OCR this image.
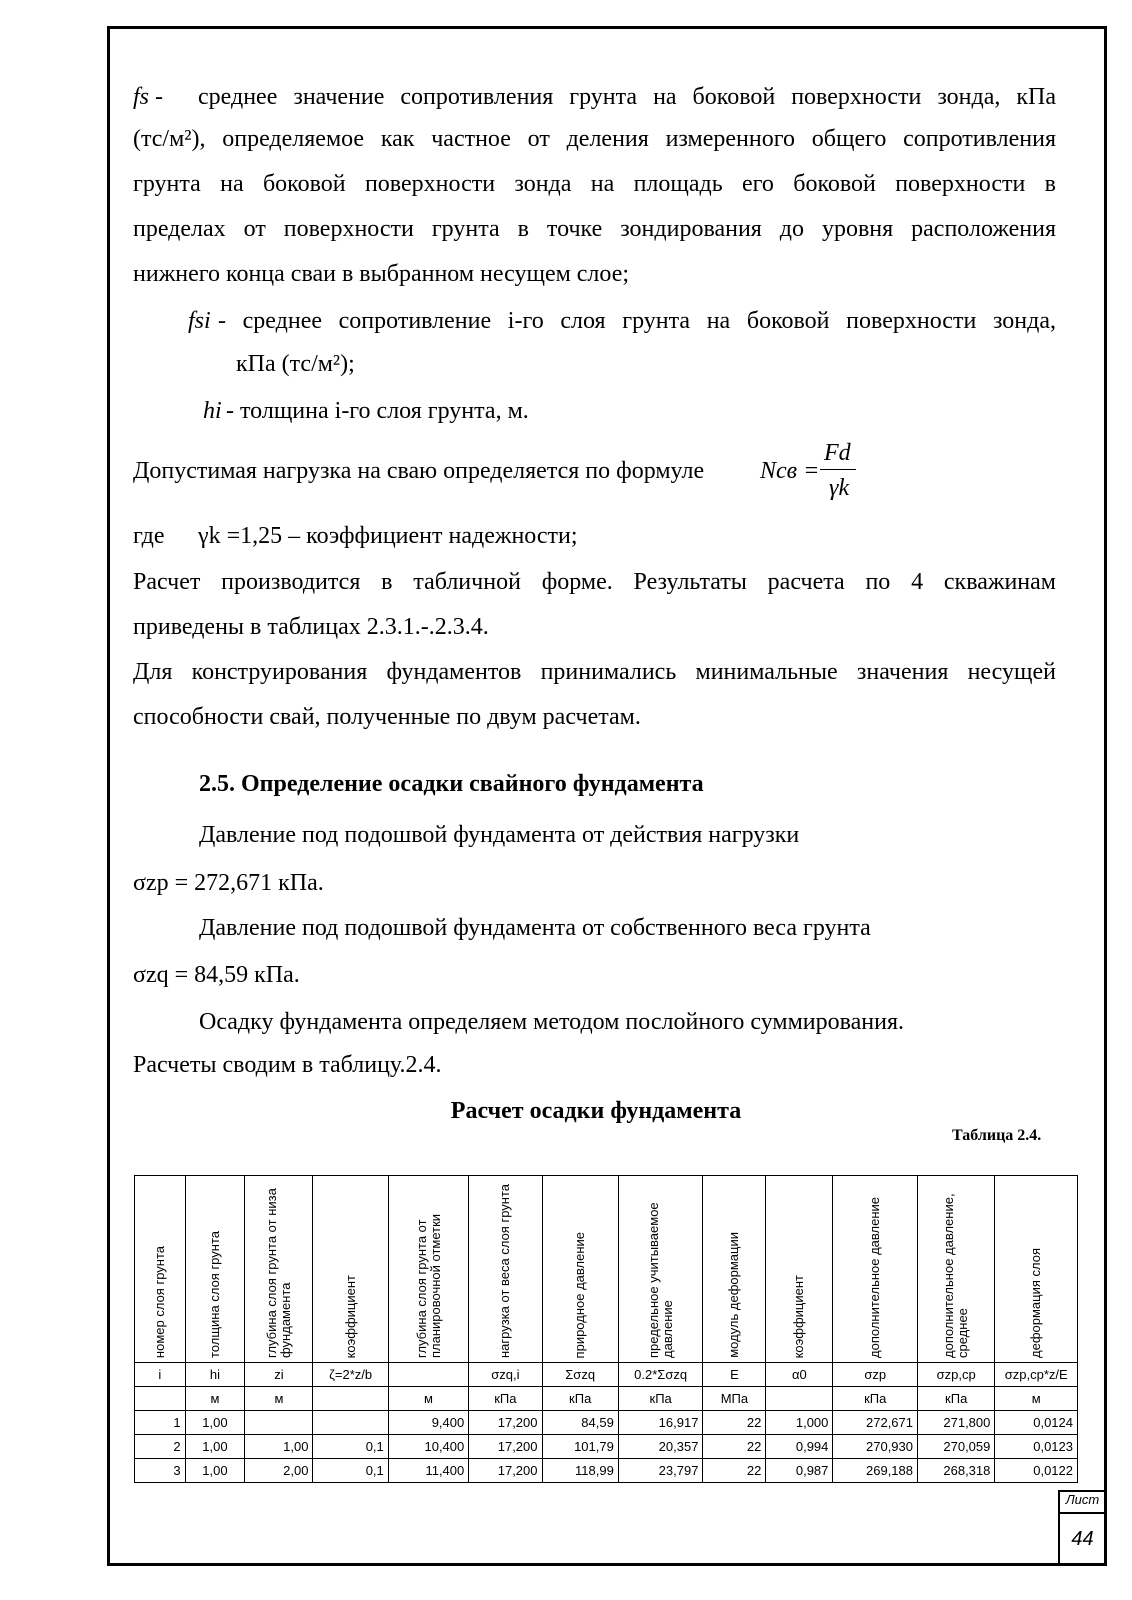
fs - среднее значение сопротивления грунта на боковой поверхности зонда, кПа
(тс/м²), определяемое как частное от деления измеренного общего сопротивления
грунта на боковой поверхности зонда на площадь его боковой поверхности в
пределах от поверхности грунта в точке зондирования до уровня расположения
нижнего конца сваи в выбранном несущем слое;
fsi - среднее сопротивление i-го слоя грунта на боковой поверхности зонда,
кПа (тс/м²);
hi - толщина i-го слоя грунта, м.
Допустимая нагрузка на сваю определяется по формуле Nсв =
Fd
γk
где γk =1,25 – коэффициент надежности;
Расчет производится в табличной форме. Результаты расчета по 4 скважинам
приведены в таблицах 2.3.1.-.2.3.4.
Для конструирования фундаментов принимались минимальные значения несущей
способности свай, полученные по двум расчетам.
2.5. Определение осадки свайного фундамента
Давление под подошвой фундамента от действия нагрузки
σzp = 272,671 кПа.
Давление под подошвой фундамента от собственного веса грунта
σzq = 84,59 кПа.
Осадку фундамента определяем методом послойного суммирования.
Расчеты сводим в таблицу.2.4.
Расчет осадки фундамента
Таблица 2.4.
номер слоя грунта	толщина слоя грунта	глубина слоя грунта от низа фундамента	коэффициент	глубина слоя грунта от планировочной отметки	нагрузка от веса слоя грунта	природное давление	предельное учитываемое давление	модуль деформации	коэффициент	дополнительное давление	дополнительное давление, среднее	деформация слоя

i	hi	zi	ζ=2*z/b		σzq,i	Σσzq	0.2*Σσzq	E	α0	σzp	σzp,cp	σzp,cp*z/E
	м	м		м	кПа	кПа	кПа	МПа		кПа	кПа	м
1	1,00			9,400	17,200	84,59	16,917	22	1,000	272,671	271,800	0,0124
2	1,00	1,00	0,1	10,400	17,200	101,79	20,357	22	0,994	270,930	270,059	0,0123
3	1,00	2,00	0,1	11,400	17,200	118,99	23,797	22	0,987	269,188	268,318	0,0122
Лист
44
